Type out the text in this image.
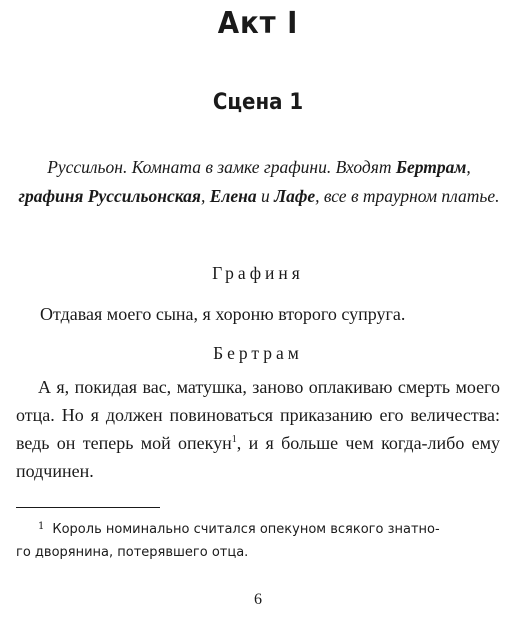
Акт I
Сцена 1
Руссильон. Комната в замке графини. Входят Бертрам, графиня Руссильонская, Елена и Лафе, все в траурном платье.
Графиня
Отдавая моего сына, я хороню второго супруга.
Бертрам
А я, покидая вас, матушка, заново оплакиваю смерть моего отца. Но я должен повиноваться приказанию его величества: ведь он теперь мой опекун$^1$, и я больше чем когда-либо ему подчинен.
$^1$ Король номинально считался опекуном всякого знатно-
го дворянина, потерявшего отца.
6
